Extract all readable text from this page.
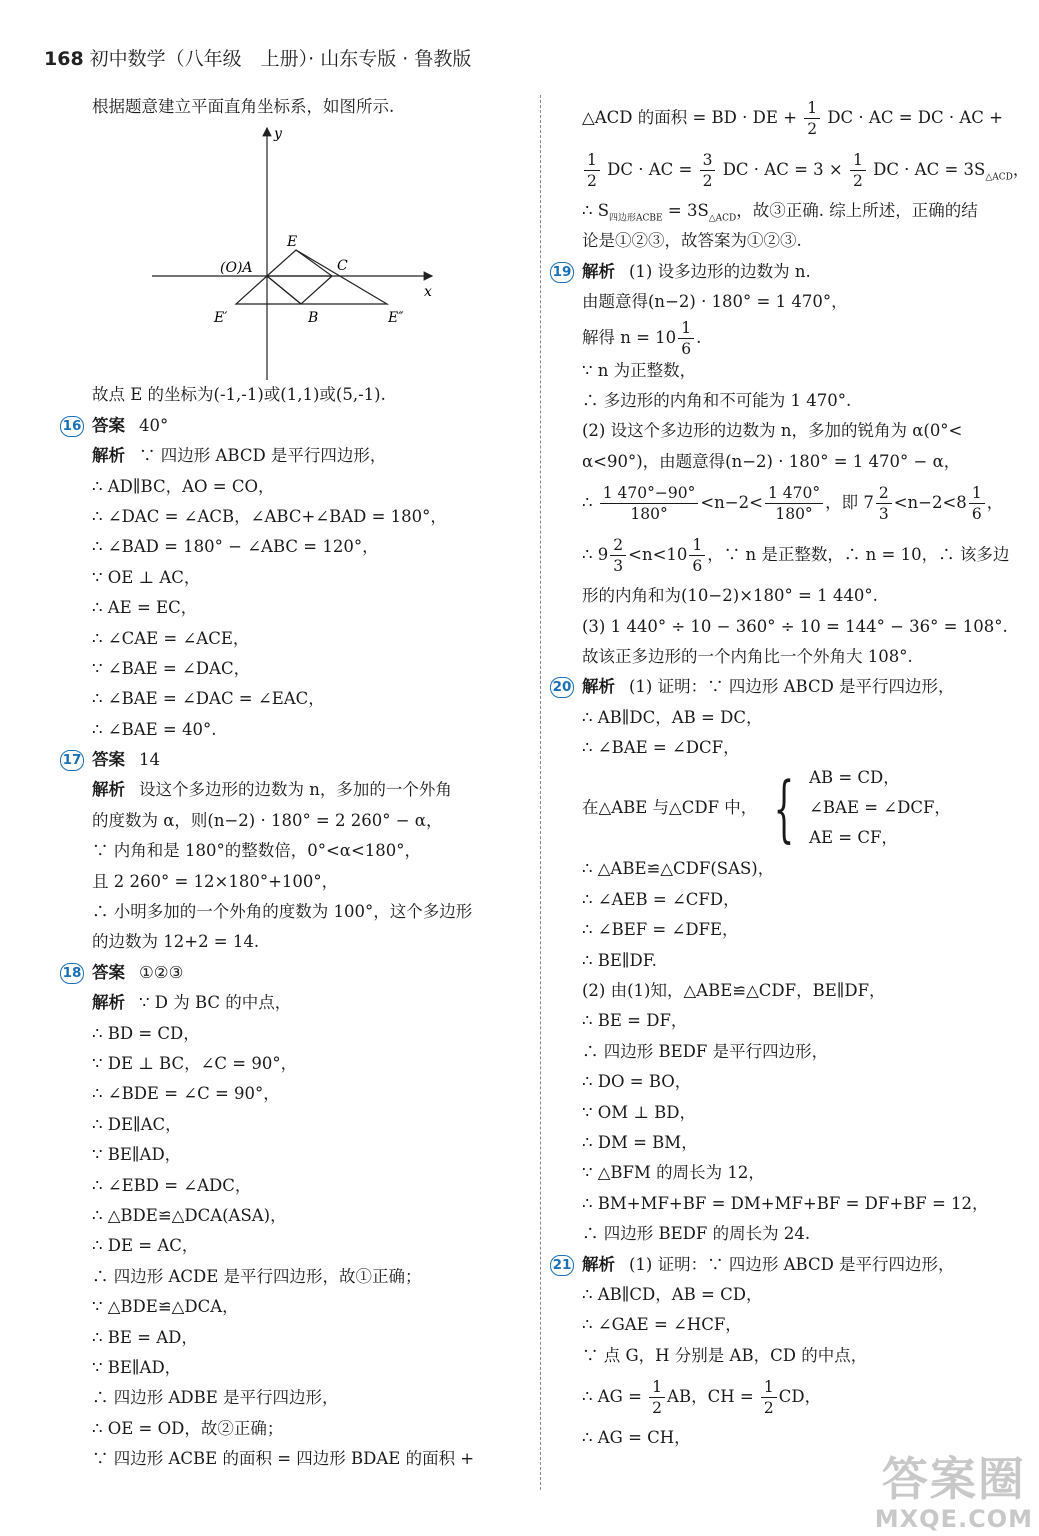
168 初中数学（八年级　上册）· 山东专版 · 鲁教版
根据题意建立平面直角坐标系，如图所示.
y
x
E
(O)A	C
E′	B	E″
故点 E 的坐标为(-1,-1)或(1,1)或(5,-1).
16 答案 40°
解析 ∵ 四边形 ABCD 是平行四边形，
∴ AD∥BC，AO = CO，
∴ ∠DAC = ∠ACB，∠ABC+∠BAD = 180°，
∴ ∠BAD = 180° − ∠ABC = 120°，
∵ OE ⊥ AC，
∴ AE = EC，
∴ ∠CAE = ∠ACE，
∵ ∠BAE = ∠DAC，
∴ ∠BAE = ∠DAC = ∠EAC，
∴ ∠BAE = 40°.
17 答案 14
解析 设这个多边形的边数为 n，多加的一个外角
的度数为 α，则(n−2) · 180° = 2 260° − α，
∵ 内角和是 180°的整数倍，0°<α<180°，
且 2 260° = 12×180°+100°，
∴ 小明多加的一个外角的度数为 100°，这个多边形
的边数为 12+2 = 14.
18 答案 ①②③
解析 ∵ D 为 BC 的中点，
∴ BD = CD，
∵ DE ⊥ BC，∠C = 90°，
∴ ∠BDE = ∠C = 90°，
∴ DE∥AC，
∵ BE∥AD，
∴ ∠EBD = ∠ADC，
∴ △BDE≌△DCA(ASA)，
∴ DE = AC，
∴ 四边形 ACDE 是平行四边形，故①正确；
∵ △BDE≌△DCA，
∴ BE = AD，
∵ BE∥AD，
∴ 四边形 ADBE 是平行四边形，
∴ OE = OD，故②正确；
∵ 四边形 ACBE 的面积 = 四边形 BDAE 的面积 +
△ACD 的面积 = BD · DE + $\frac{1}{2}$ DC · AC = DC · AC +
$\frac{1}{2}$ DC · AC = $\frac{3}{2}$ DC · AC = $3 \times \frac{1}{2}$ DC · AC = $3S_{\triangle ACD}$，
∴ $S_{四边形ACBE} = 3S_{\triangle ACD}$，故③正确. 综上所述，正确的结
论是①②③，故答案为①②③.
19 解析 (1) 设多边形的边数为 n.
由题意得(n−2) · 180° = 1 470°，
解得 $n = 10 \frac{1}{6}$ .
∵ n 为正整数，
∴ 多边形的内角和不可能为 1 470°.
(2) 设这个多边形的边数为 n，多加的锐角为 α(0°<
α<90°)，由题意得(n−2) · 180° = 1 470° − α，
∴ $\frac{1 470^\circ-90^\circ}{180^\circ} <n-2< \frac{1 470^\circ}{180^\circ}$ ，即 $7 \frac{2}{3} <n-2<8 \frac{1}{6}$ ，
∴ $9 \frac{2}{3} <n<10 \frac{1}{6}$ ，∵ n 是正整数，∴ n = 10，∴ 该多边
形的内角和为(10−2)×180° = 1 440°.
(3) 1 440° ÷ 10 − 360° ÷ 10 = 144° − 36° = 108°.
故该正多边形的一个内角比一个外角大 108°.
20 解析 (1) 证明：∵ 四边形 ABCD 是平行四边形，
∴ AB∥DC，AB = DC，
∴ ∠BAE = ∠DCF，
在△ABE 与△CDF 中， { AB = CD，
∠BAE = ∠DCF，
AE = CF，
∴ △ABE≌△CDF(SAS)，
∴ ∠AEB = ∠CFD，
∴ ∠BEF = ∠DFE，
∴ BE∥DF.
(2) 由(1)知，△ABE≌△CDF，BE∥DF，
∴ BE = DF，
∴ 四边形 BEDF 是平行四边形，
∴ DO = BO，
∵ OM ⊥ BD，
∴ DM = BM，
∵ △BFM 的周长为 12，
∴ BM+MF+BF = DM+MF+BF = DF+BF = 12，
∴ 四边形 BEDF 的周长为 24.
21 解析 (1) 证明：∵ 四边形 ABCD 是平行四边形，
∴ AB∥CD，AB = CD，
∴ ∠GAE = ∠HCF，
∵ 点 G，H 分别是 AB，CD 的中点，
∴ AG = $\frac{1}{2}$ AB，CH = $\frac{1}{2}$ CD，
∴ AG = CH，
答案圈
MXQE.COM
